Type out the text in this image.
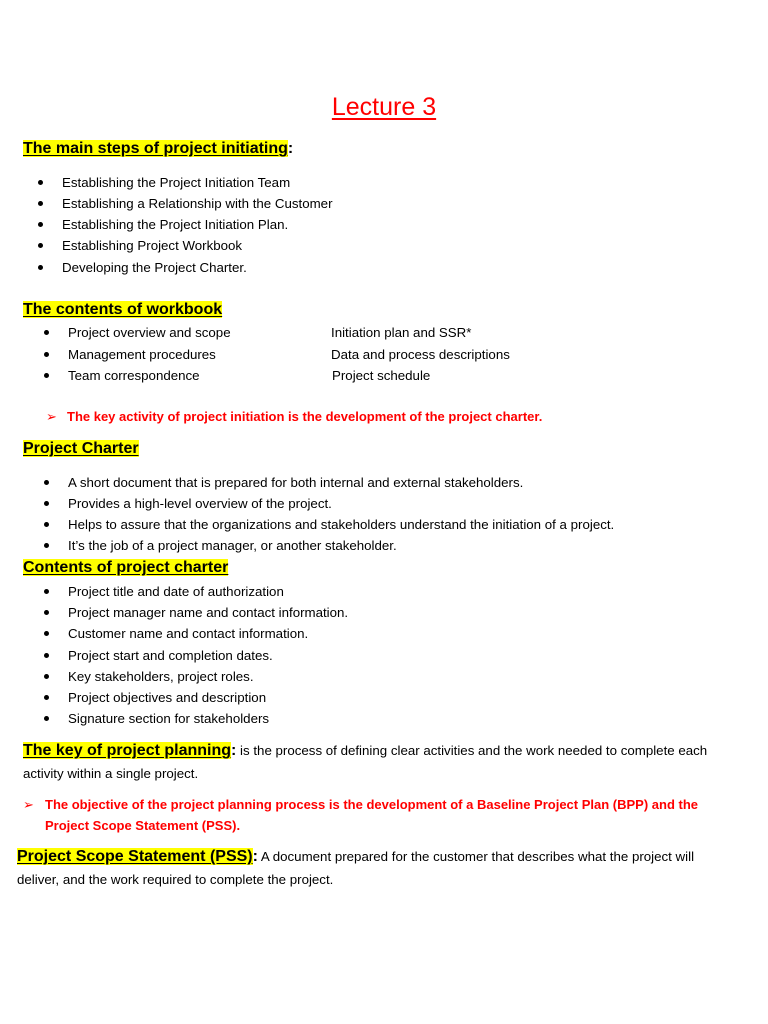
Lecture 3
The main steps of project initiating:
Establishing the Project Initiation Team
Establishing a Relationship with the Customer
Establishing the Project Initiation Plan.
Establishing Project Workbook
Developing the Project Charter.
The contents of workbook
Project overview and scope
Management procedures
Team correspondence
Initiation plan and SSR*
Data and process descriptions
Project schedule
➢ The key activity of project initiation is the development of the project charter.
Project Charter
A short document that is prepared for both internal and external stakeholders.
Provides a high-level overview of the project.
Helps to assure that the organizations and stakeholders understand the initiation of a project.
It’s the job of a project manager, or another stakeholder.
Contents of project charter
Project title and date of authorization
Project manager name and contact information.
Customer name and contact information.
Project start and completion dates.
Key stakeholders, project roles.
Project objectives and description
Signature section for stakeholders
The key of project planning: is the process of defining clear activities and the work needed to complete each
activity within a single project.
➢ The objective of the project planning process is the development of a Baseline Project Plan (BPP) and the
Project Scope Statement (PSS).
Project Scope Statement (PSS): A document prepared for the customer that describes what the project will
deliver, and the work required to complete the project.
